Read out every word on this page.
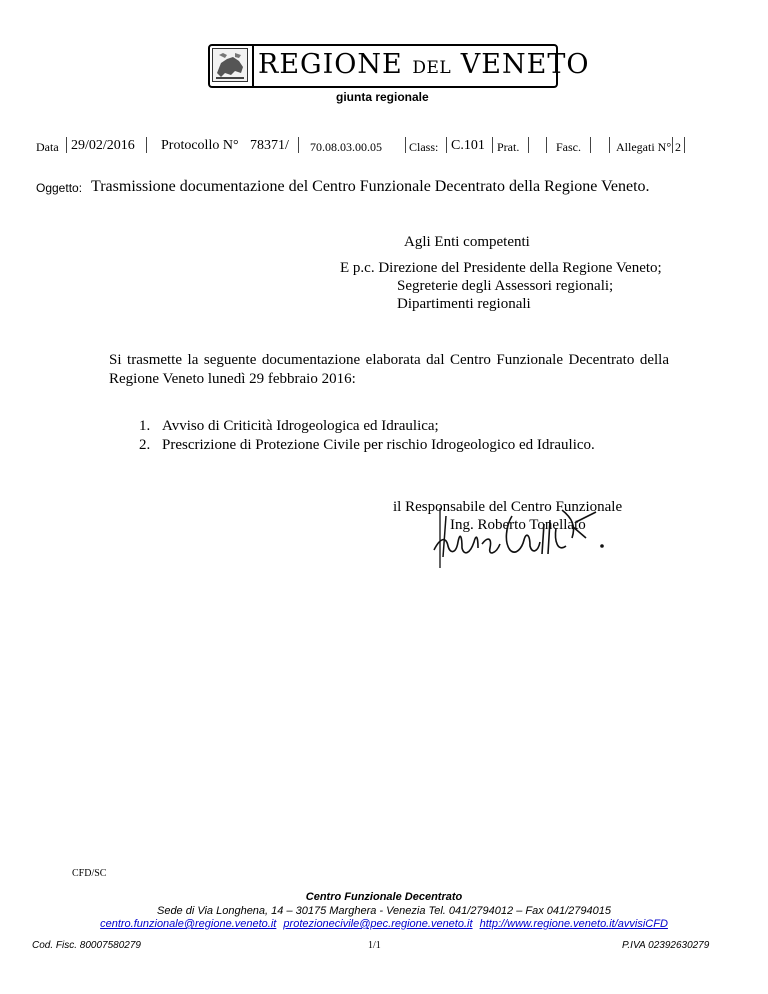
REGIONE DEL VENETO
giunta regionale
Data 29/02/2016 Protocollo N° 78371/ 70.08.03.00.05 Class: C.101 Prat.	Fasc.	Allegati N° 2
Oggetto: Trasmissione documentazione del Centro Funzionale Decentrato della Regione Veneto.
Agli Enti competenti
E p.c. Direzione del Presidente della Regione Veneto;
Segreterie degli Assessori regionali;
Dipartimenti regionali
Si trasmette la seguente documentazione elaborata dal Centro Funzionale Decentrato della Regione Veneto lunedì 29 febbraio 2016:
1. Avviso di Criticità Idrogeologica ed Idraulica;
2. Prescrizione di Protezione Civile per rischio Idrogeologico ed Idraulico.
il Responsabile del Centro Funzionale
Ing. Roberto Tonellato
CFD/SC
Centro Funzionale Decentrato
Sede di Via Longhena, 14 – 30175 Marghera - Venezia Tel. 041/2794012 – Fax 041/2794015
centro.funzionale@regione.veneto.it protezionecivile@pec.regione.veneto.it http://www.regione.veneto.it/avvisiCFD
Cod. Fisc. 80007580279	1/1	P.IVA 02392630279
